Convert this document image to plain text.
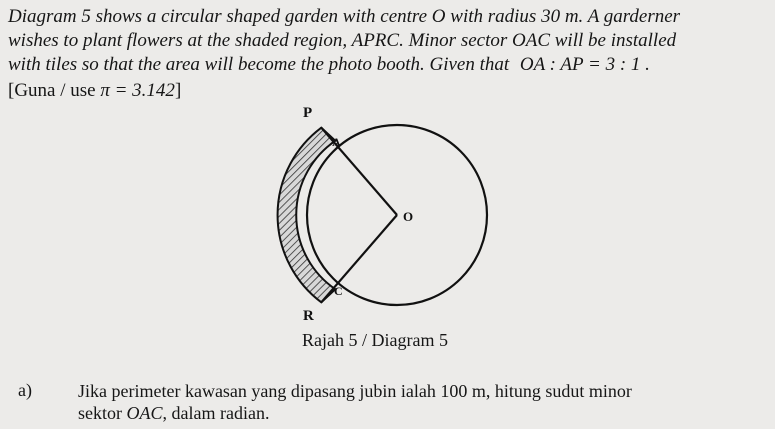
Diagram 5 shows a circular shaped garden with centre O with radius 30 m. A garderner
wishes to plant flowers at the shaded region, APRC. Minor sector OAC will be installed
with tiles so that the area will become the photo booth. Given that OA : AP = 3 : 1 .
[Guna / use π = 3.142]
P
A
O
C
R
Rajah 5 / Diagram 5
a)	Jika perimeter kawasan yang dipasang jubin ialah 100 m, hitung sudut minor
sektor OAC, dalam radian.
